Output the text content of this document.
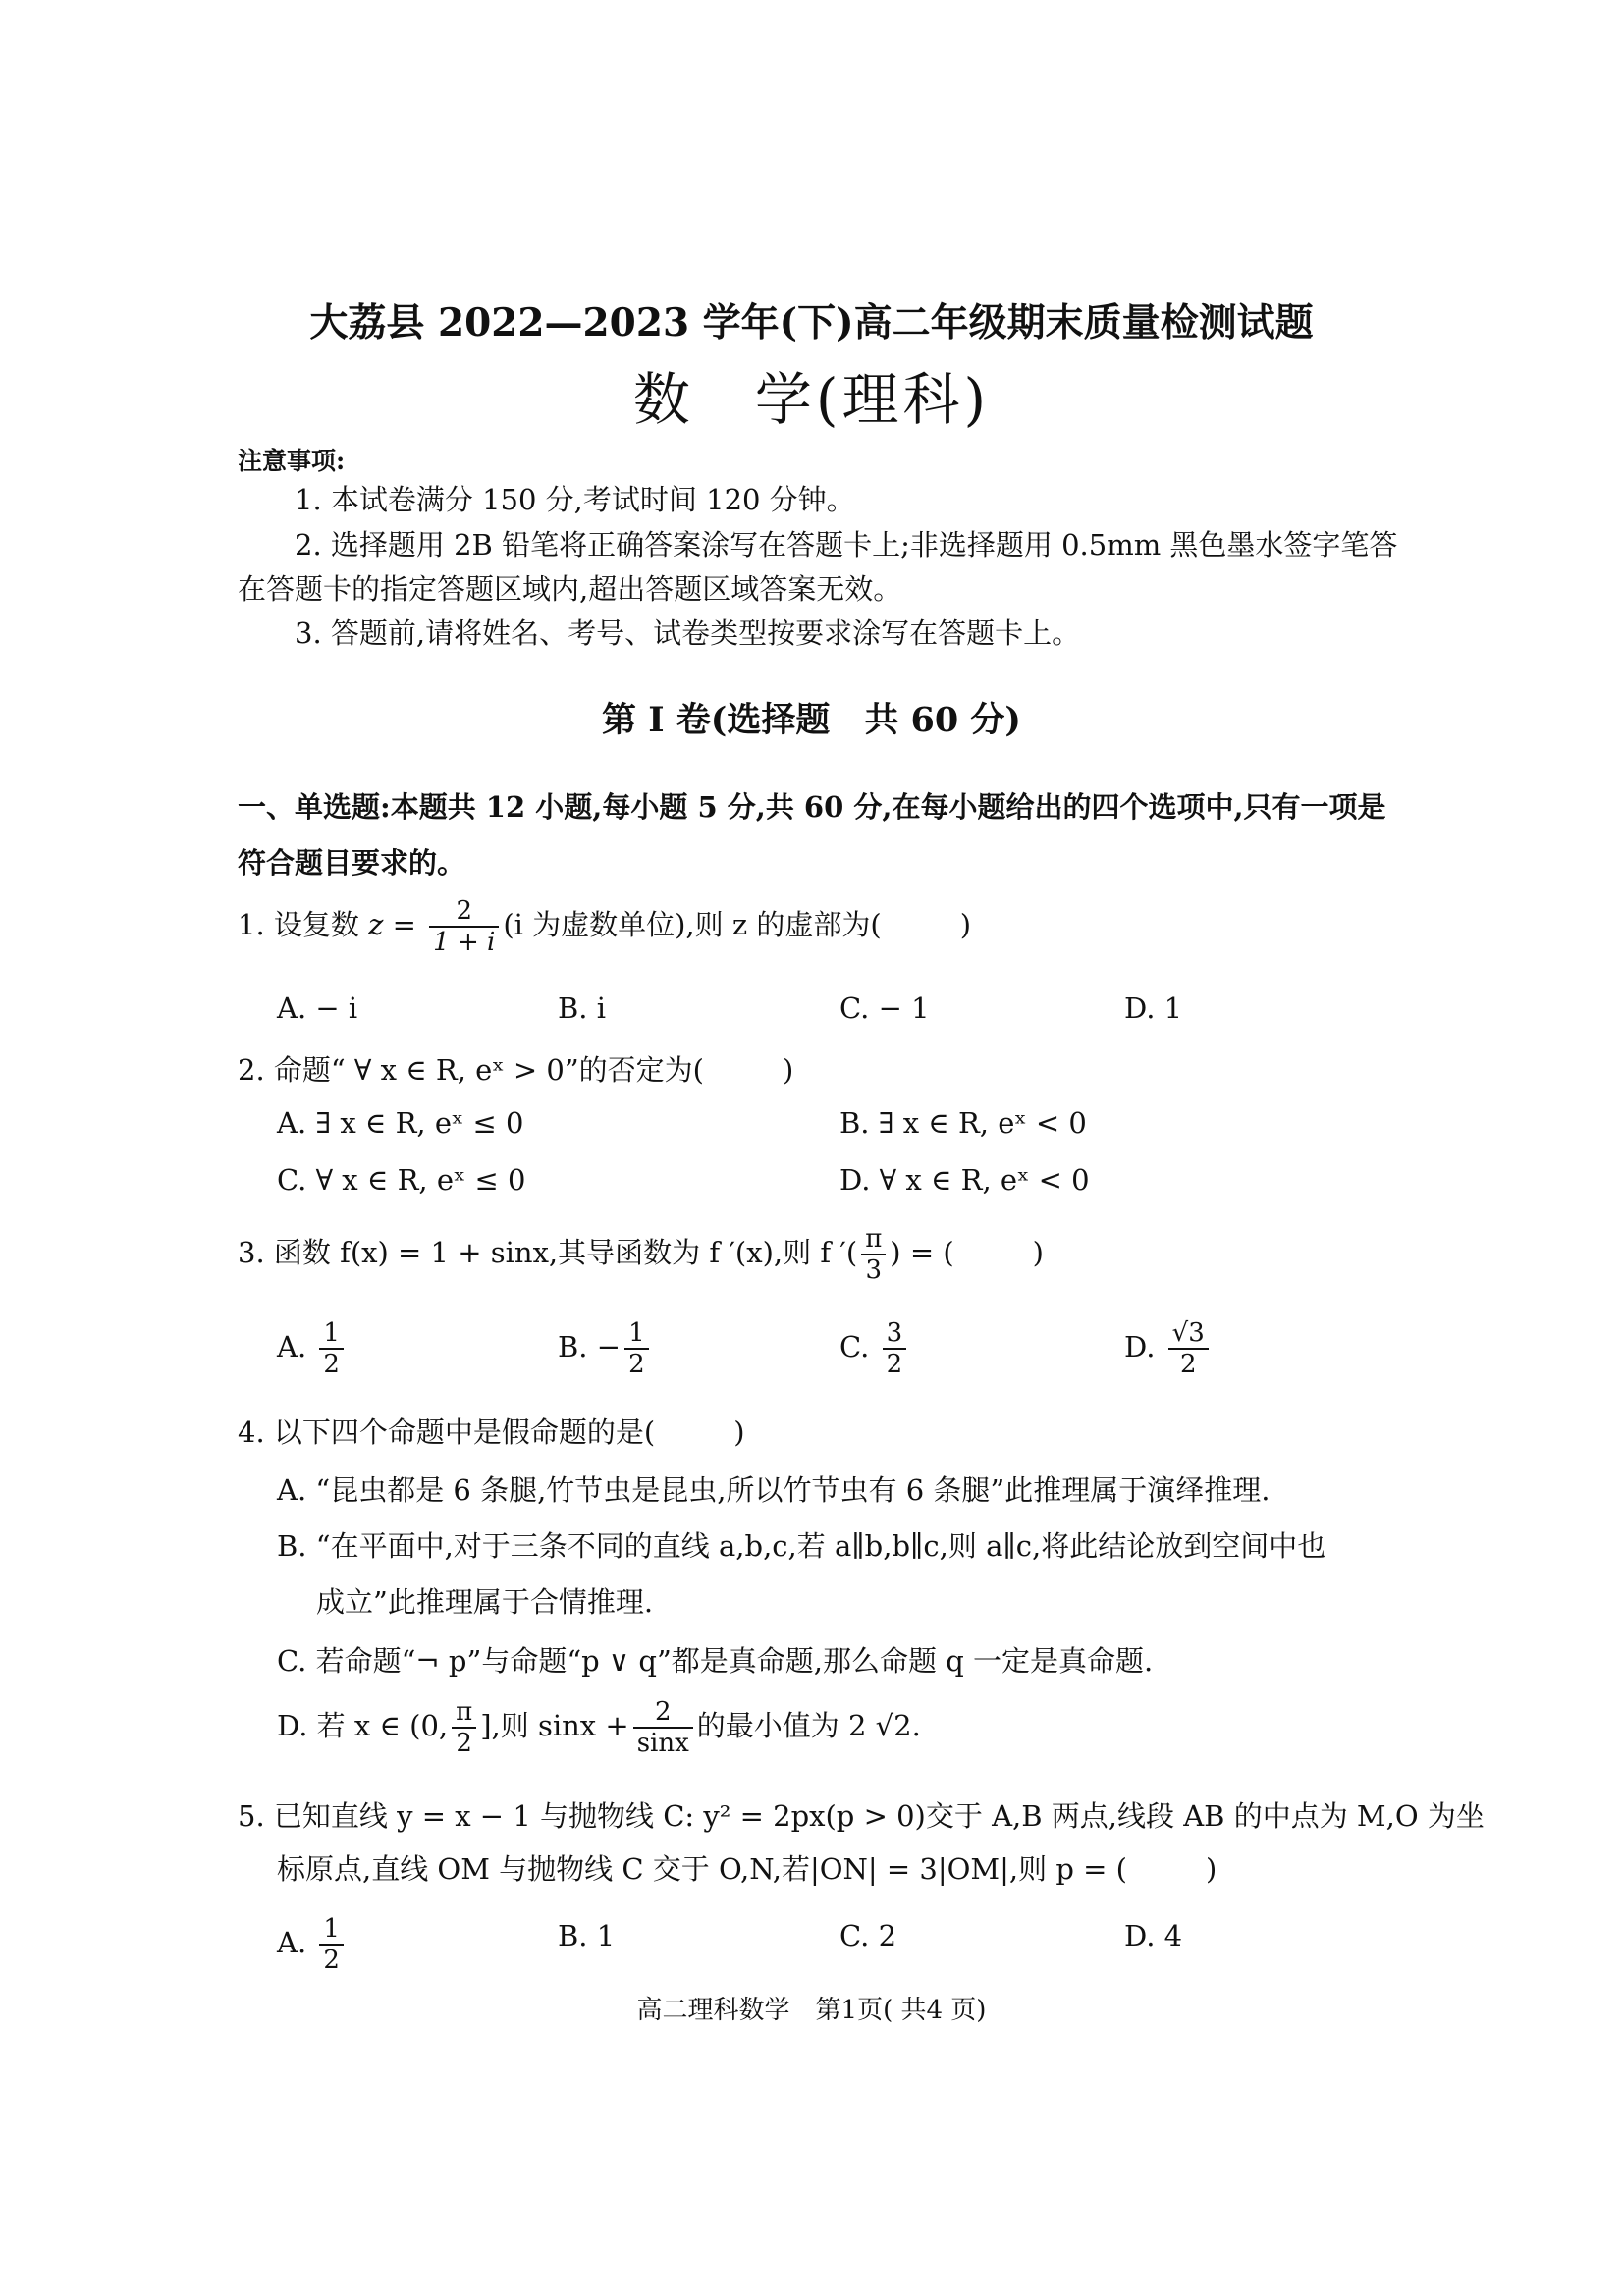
大荔县 2022—2023 学年(下)高二年级期末质量检测试题
数　学(理科)
注意事项:
1. 本试卷满分 150 分,考试时间 120 分钟。
2. 选择题用 2B 铅笔将正确答案涂写在答题卡上;非选择题用 0.5mm 黑色墨水签字笔答
在答题卡的指定答题区域内,超出答题区域答案无效。
3. 答题前,请将姓名、考号、试卷类型按要求涂写在答题卡上。
第 Ⅰ 卷(选择题　共 60 分)
一、单选题:本题共 12 小题,每小题 5 分,共 60 分,在每小题给出的四个选项中,只有一项是
符合题目要求的。
1. 设复数 $z = \frac{2}{1 + i} (i$ 为虚数单位),则 z 的虚部为(	)
A. − i	B. i	C. − 1	D. 1
2. 命题“ ∀ x ∈ R, eˣ > 0”的否定为(	)
A. ∃ x ∈ R, eˣ ≤ 0	B. ∃ x ∈ R, eˣ < 0
C. ∀ x ∈ R, eˣ ≤ 0	D. ∀ x ∈ R, eˣ < 0
3. 函数 f(x) = 1 + sinx,其导函数为 f ′(x),则 f ′( $\frac{\pi}{3}$ ) = (	)
A. $\frac{1}{2}$	B. − $\frac{1}{2}$	C. $\frac{3}{2}$	D. $\frac{√3}{2}$
4. 以下四个命题中是假命题的是(	)
A. “昆虫都是 6 条腿,竹节虫是昆虫,所以竹节虫有 6 条腿”此推理属于演绎推理.
B. “在平面中,对于三条不同的直线 a,b,c,若 a∥b,b∥c,则 a∥c,将此结论放到空间中也
成立”此推理属于合情推理.
C. 若命题“¬ p”与命题“p ∨ q”都是真命题,那么命题 q 一定是真命题.
D. 若 x ∈ (0, $\frac{\pi}{2}$ ],则 $\sin x + \frac{2}{\sin x}$ 的最小值为 2 √2.
5. 已知直线 y = x − 1 与抛物线 C: y² = 2px(p > 0)交于 A,B 两点,线段 AB 的中点为 M,O 为坐
标原点,直线 OM 与抛物线 C 交于 O,N,若|ON| = 3|OM|,则 p = (	)
A. $\frac{1}{2}$	B. 1	C. 2	D. 4
高二理科数学　第1页( 共4 页)
